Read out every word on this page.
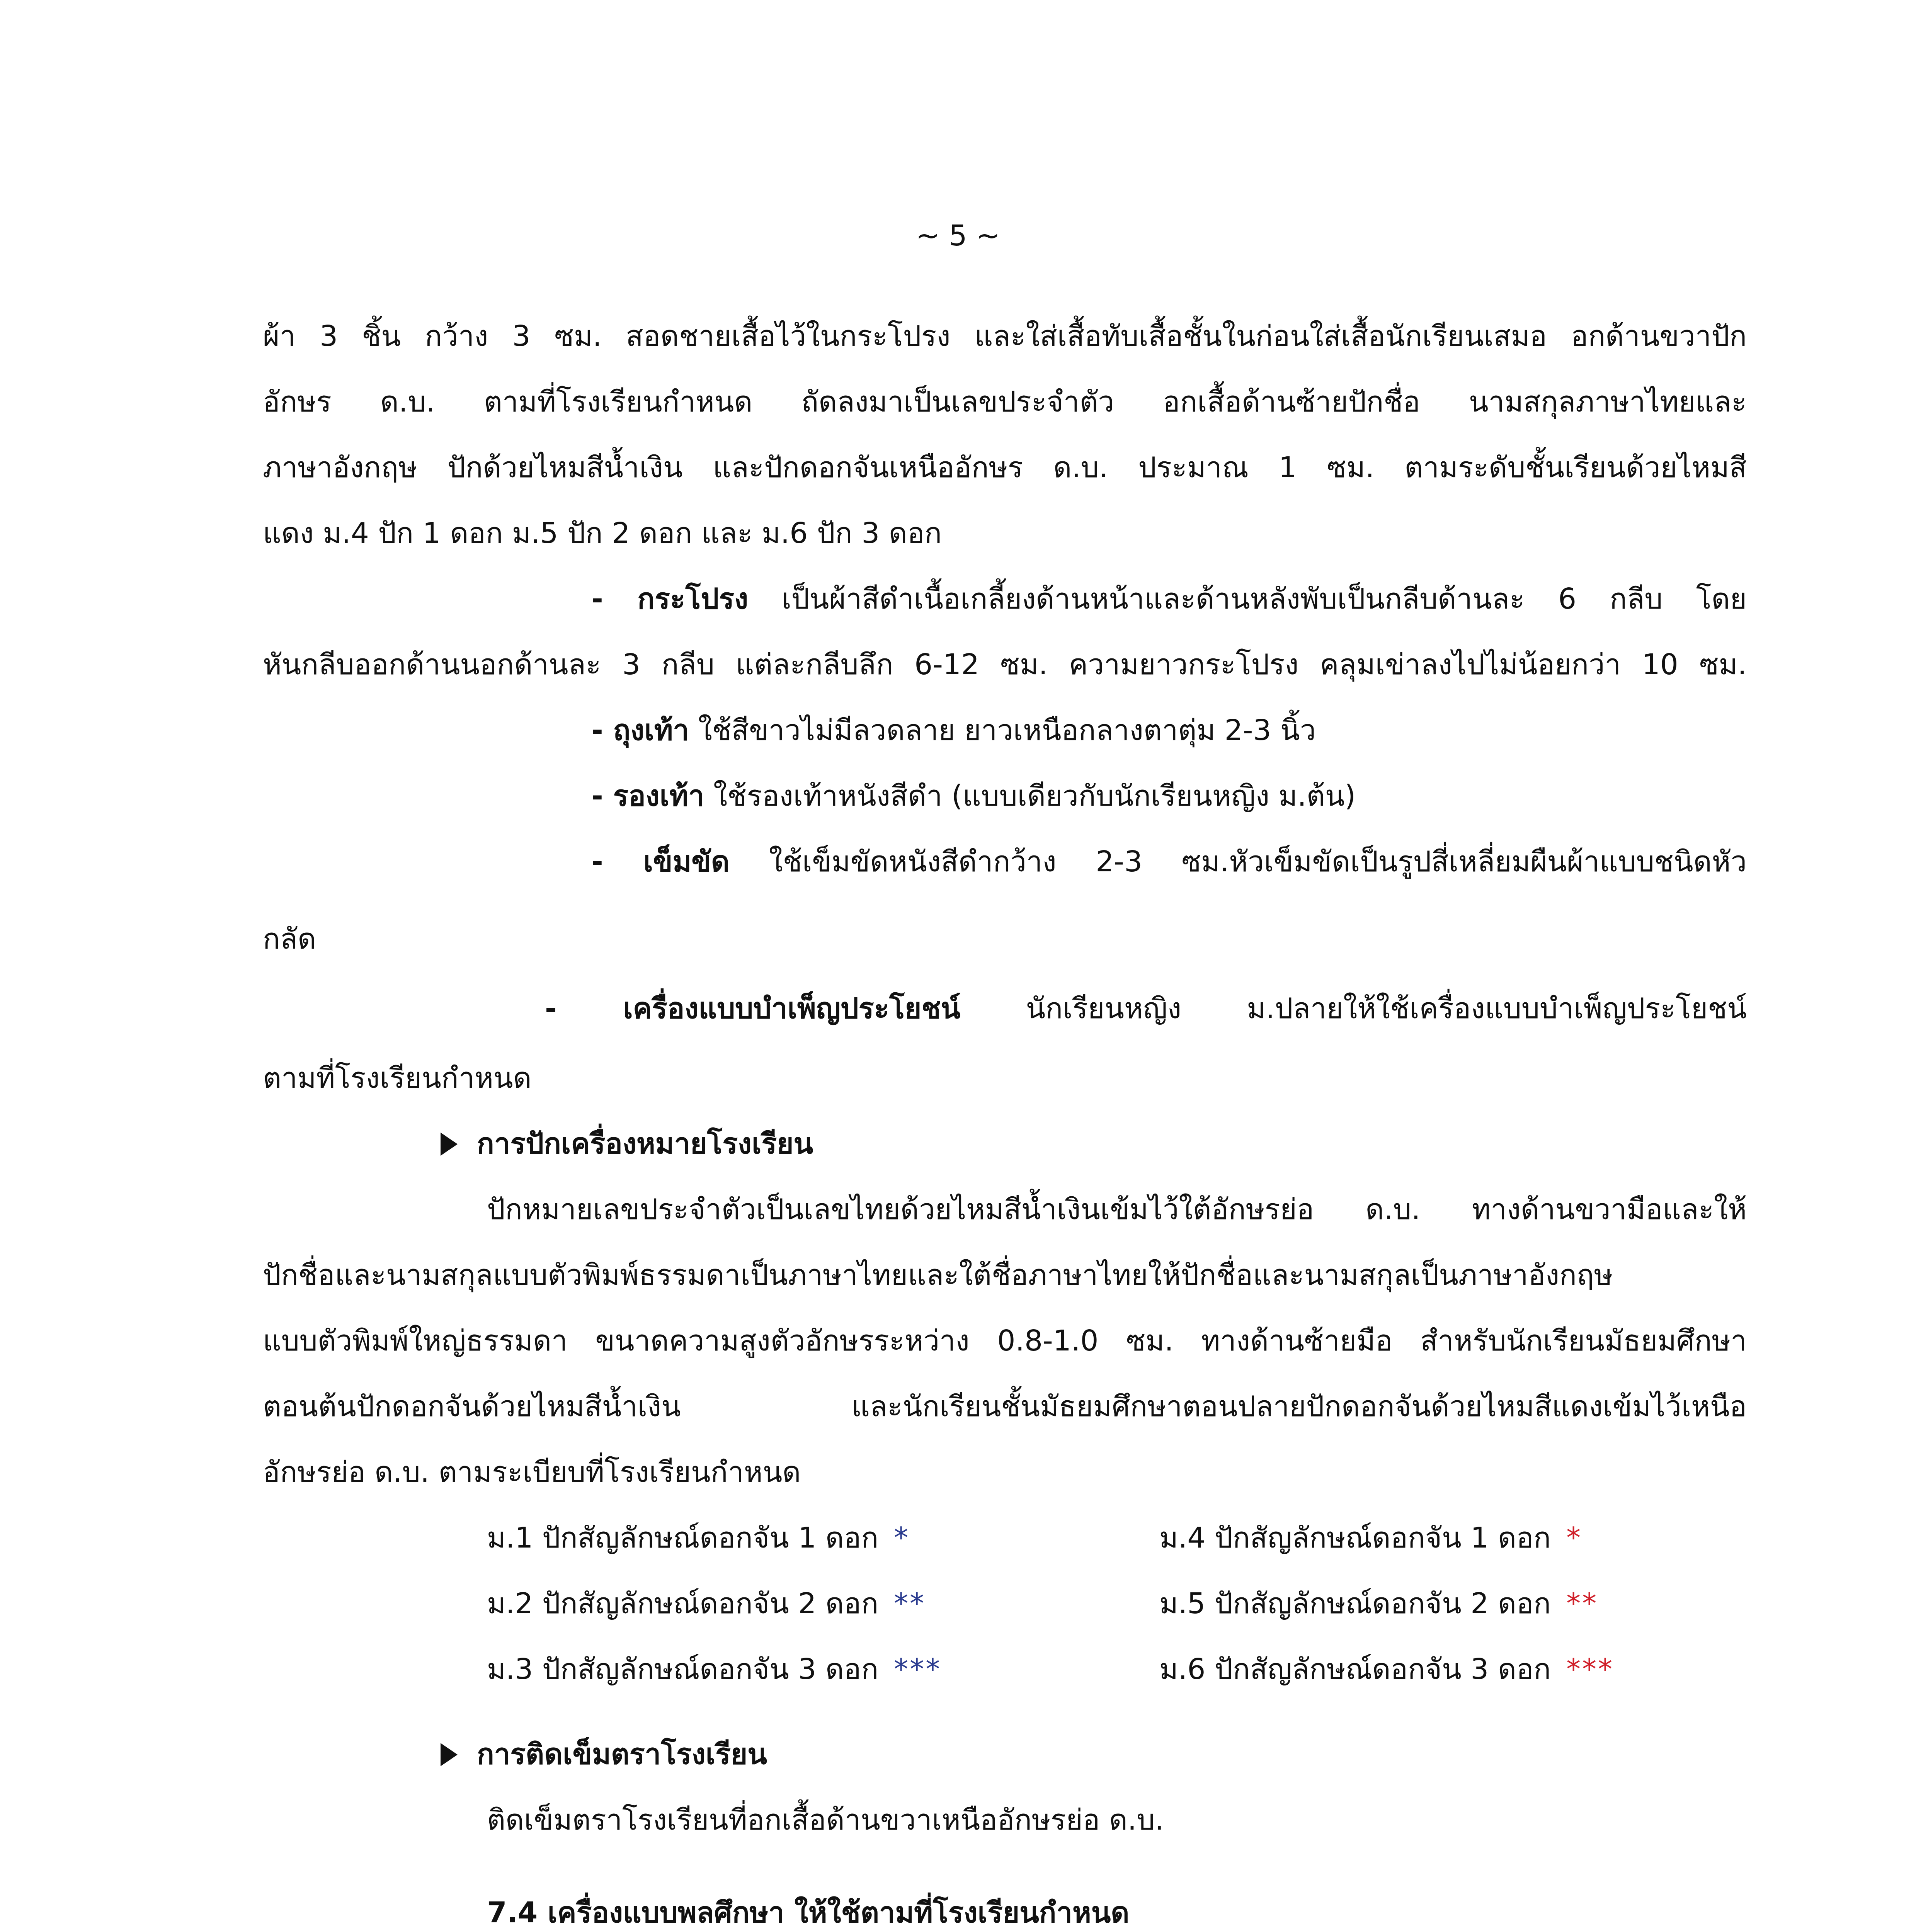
~ 5 ~
ผ้า 3 ชิ้น กว้าง 3 ซม. สอดชายเสื้อไว้ในกระโปรง และใส่เสื้อทับเสื้อชั้นในก่อนใส่เสื้อนักเรียนเสมอ อกด้านขวาปัก
อักษร ด.บ. ตามที่โรงเรียนกำหนด ถัดลงมาเป็นเลขประจำตัว อกเสื้อด้านซ้ายปักชื่อ นามสกุลภาษาไทยและ
ภาษาอังกฤษ ปักด้วยไหมสีน้ำเงิน และปักดอกจันเหนืออักษร ด.บ. ประมาณ 1 ซม. ตามระดับชั้นเรียนด้วยไหมสี
แดง ม.4 ปัก 1 ดอก ม.5 ปัก 2 ดอก และ ม.6 ปัก 3 ดอก
- กระโปรง เป็นผ้าสีดำเนื้อเกลี้ยงด้านหน้าและด้านหลังพับเป็นกลีบด้านละ 6 กลีบ โดย
หันกลีบออกด้านนอกด้านละ 3 กลีบ แต่ละกลีบลึก 6-12 ซม. ความยาวกระโปรง คลุมเข่าลงไปไม่น้อยกว่า 10 ซม.
- ถุงเท้า ใช้สีขาวไม่มีลวดลาย ยาวเหนือกลางตาตุ่ม 2-3 นิ้ว
- รองเท้า ใช้รองเท้าหนังสีดำ (แบบเดียวกับนักเรียนหญิง ม.ต้น)
- เข็มขัด ใช้เข็มขัดหนังสีดำกว้าง 2-3 ซม.หัวเข็มขัดเป็นรูปสี่เหลี่ยมผืนผ้าแบบชนิดหัว
กลัด
- เครื่องแบบบำเพ็ญประโยชน์ นักเรียนหญิง ม.ปลายให้ใช้เครื่องแบบบำเพ็ญประโยชน์
ตามที่โรงเรียนกำหนด
การปักเครื่องหมายโรงเรียน
ปักหมายเลขประจำตัวเป็นเลขไทยด้วยไหมสีน้ำเงินเข้มไว้ใต้อักษรย่อ ด.บ. ทางด้านขวามือและให้
ปักชื่อและนามสกุลแบบตัวพิมพ์ธรรมดาเป็นภาษาไทยและใต้ชื่อภาษาไทยให้ปักชื่อและนามสกุลเป็นภาษาอังกฤษ
แบบตัวพิมพ์ใหญ่ธรรมดา ขนาดความสูงตัวอักษรระหว่าง 0.8-1.0 ซม. ทางด้านซ้ายมือ สำหรับนักเรียนมัธยมศึกษา
ตอนต้นปักดอกจันด้วยไหมสีน้ำเงิน และนักเรียนชั้นมัธยมศึกษาตอนปลายปักดอกจันด้วยไหมสีแดงเข้มไว้เหนือ
อักษรย่อ ด.บ. ตามระเบียบที่โรงเรียนกำหนด
ม.1 ปักสัญลักษณ์ดอกจัน 1 ดอก *
ม.2 ปักสัญลักษณ์ดอกจัน 2 ดอก **
ม.3 ปักสัญลักษณ์ดอกจัน 3 ดอก ***
ม.4 ปักสัญลักษณ์ดอกจัน 1 ดอก *
ม.5 ปักสัญลักษณ์ดอกจัน 2 ดอก **
ม.6 ปักสัญลักษณ์ดอกจัน 3 ดอก ***
การติดเข็มตราโรงเรียน
ติดเข็มตราโรงเรียนที่อกเสื้อด้านขวาเหนืออักษรย่อ ด.บ.
7.4 เครื่องแบบพลศึกษา ให้ใช้ตามที่โรงเรียนกำหนด
